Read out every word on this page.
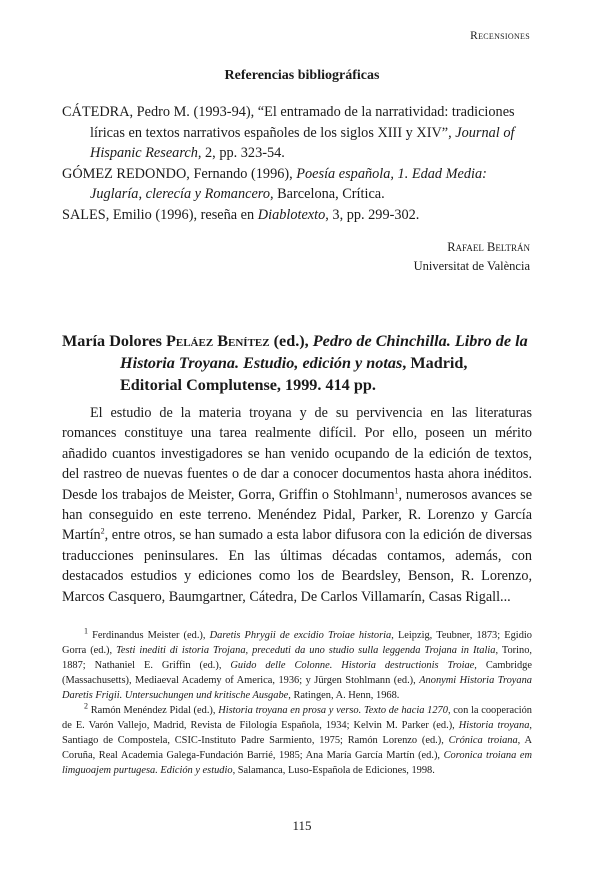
Recensiones
Referencias bibliográficas

CÁTEDRA, Pedro M. (1993-94), “El entramado de la narratividad: tradiciones líricas en textos narrativos españoles de los siglos XIII y XIV”, Journal of Hispanic Research, 2, pp. 323-54.

GÓMEZ REDONDO, Fernando (1996), Poesía española, 1. Edad Media: Juglaría, clerecía y Romancero, Barcelona, Crítica.

SALES, Emilio (1996), reseña en Diablotexto, 3, pp. 299-302.

Rafael Beltrán
Universitat de València

María Dolores Peláez Benítez (ed.), Pedro de Chinchilla. Libro de la Historia Troyana. Estudio, edición y notas, Madrid, Editorial Complutense, 1999. 414 pp.

El estudio de la materia troyana y de su pervivencia en las literaturas romances constituye una tarea realmente difícil. Por ello, poseen un mérito añadido cuantos investigadores se han venido ocupando de la edición de textos, del rastreo de nuevas fuentes o de dar a conocer documentos hasta ahora inéditos. Desde los trabajos de Meister, Gorra, Griffin o Stohlmann$^1$, numerosos avances se han conseguido en este terreno. Menéndez Pidal, Parker, R. Lorenzo y García Martín$^2$, entre otros, se han sumado a esta labor difusora con la edición de diversas traducciones peninsulares. En las últimas décadas contamos, además, con destacados estudios y ediciones como los de Beardsley, Benson, R. Lorenzo, Marcos Casquero, Baumgartner, Cátedra, De Carlos Villamarín, Casas Rigall...

$^1$ Ferdinandus Meister (ed.), Daretis Phrygii de excidio Troiae historia, Leipzig, Teubner, 1873; Egidio Gorra (ed.), Testi inediti di istoria Trojana, preceduti da uno studio sulla leggenda Trojana in Italia, Torino, 1887; Nathaniel E. Griffin (ed.), Guido delle Colonne. Historia destructionis Troiae, Cambridge (Massachusetts), Mediaeval Academy of America, 1936; y Jürgen Stohlmann (ed.), Anonymi Historia Troyana Daretis Frigii. Untersuchungen und kritische Ausgabe, Ratingen, A. Henn, 1968.

$^2$ Ramón Menéndez Pidal (ed.), Historia troyana en prosa y verso. Texto de hacia 1270, con la cooperación de E. Varón Vallejo, Madrid, Revista de Filología Española, 1934; Kelvin M. Parker (ed.), Historia troyana, Santiago de Compostela, CSIC-Instituto Padre Sarmiento, 1975; Ramón Lorenzo (ed.), Crónica troiana, A Coruña, Real Academia Galega-Fundación Barrié, 1985; Ana María García Martín (ed.), Coronica troiana em limguoajem purtugesa. Edición y estudio, Salamanca, Luso-Española de Ediciones, 1998.

115
